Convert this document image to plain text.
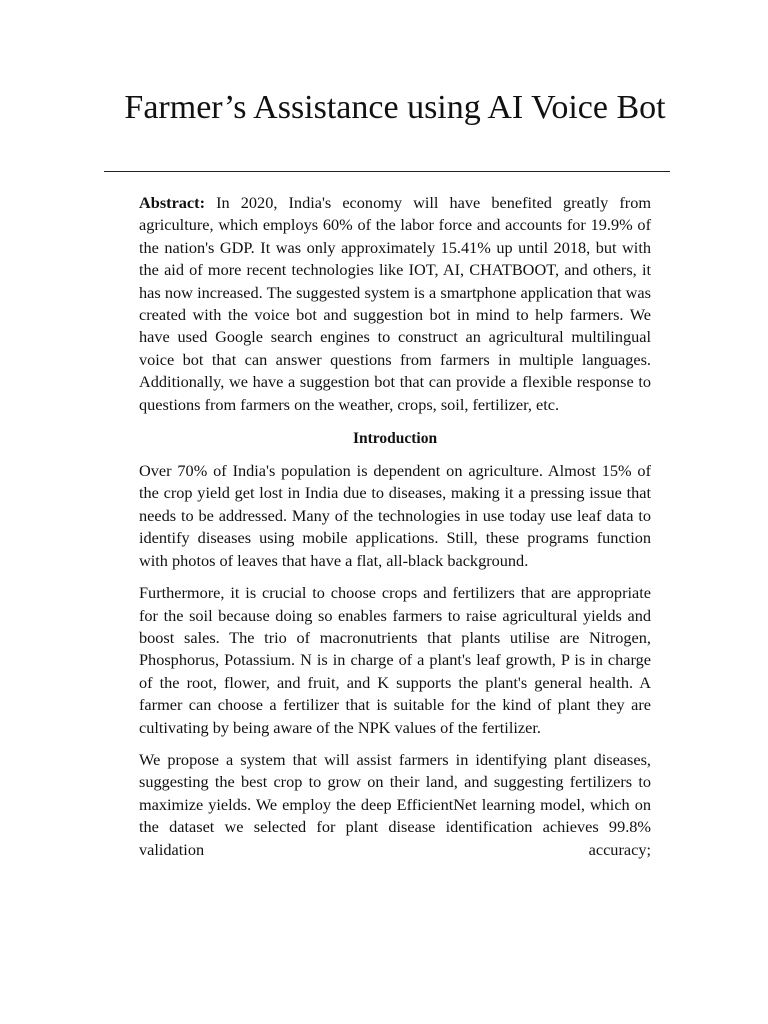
Farmer’s Assistance using AI Voice Bot

Abstract: In 2020, India's economy will have benefited greatly from agriculture, which employs 60% of the labor force and accounts for 19.9% of the nation's GDP. It was only approximately 15.41% up until 2018, but with the aid of more recent technologies like IOT, AI, CHATBOOT, and others, it has now increased. The suggested system is a smartphone application that was created with the voice bot and suggestion bot in mind to help farmers. We have used Google search engines to construct an agricultural multilingual voice bot that can answer questions from farmers in multiple languages. Additionally, we have a suggestion bot that can provide a flexible response to questions from farmers on the weather, crops, soil, fertilizer, etc.

Introduction

Over 70% of India's population is dependent on agriculture. Almost 15% of the crop yield get lost in India due to diseases, making it a pressing issue that needs to be addressed. Many of the technologies in use today use leaf data to identify diseases using mobile applications. Still, these programs function with photos of leaves that have a flat, all-black background.

Furthermore, it is crucial to choose crops and fertilizers that are appropriate for the soil because doing so enables farmers to raise agricultural yields and boost sales. The trio of macronutrients that plants utilise are Nitrogen, Phosphorus, Potassium. N is in charge of a plant's leaf growth, P is in charge of the root, flower, and fruit, and K supports the plant's general health. A farmer can choose a fertilizer that is suitable for the kind of plant they are cultivating by being aware of the NPK values of the fertilizer.

We propose a system that will assist farmers in identifying plant diseases, suggesting the best crop to grow on their land, and suggesting fertilizers to maximize yields. We employ the deep EfficientNet learning model, which on the dataset we selected for plant disease identification achieves 99.8% validation accuracy;
